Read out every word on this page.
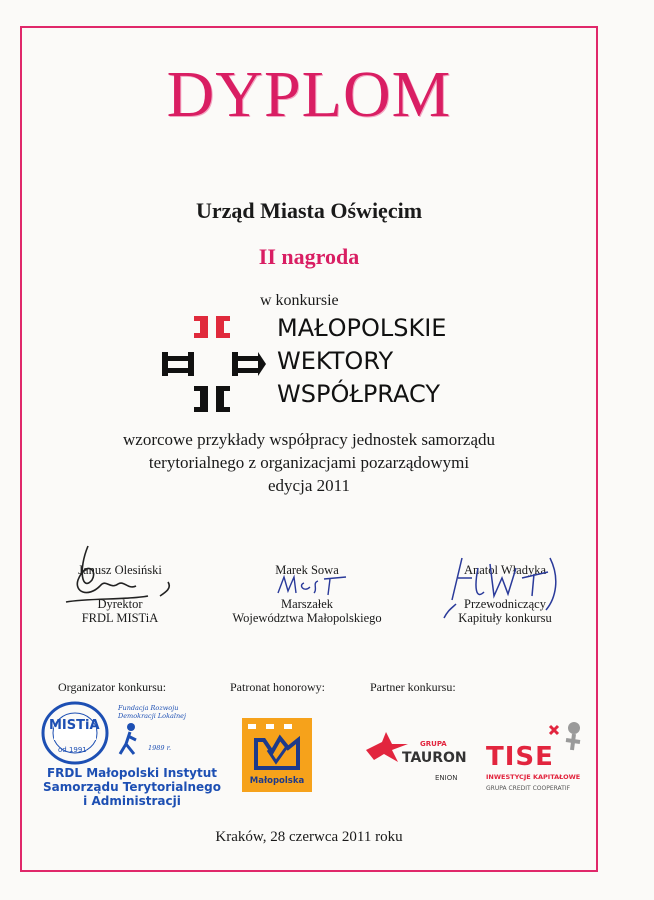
DYPLOM
Urząd Miasta Oświęcim
II nagroda
w konkursie
MAŁOPOLSKIE
WEKTORY
WSPÓŁPRACY
wzorcowe przykłady współpracy jednostek samorządu
terytorialnego z organizacjami pozarządowymi
edycja 2011
Janusz Olesiński
Dyrektor
FRDL MISTiA
Marek Sowa
Marszałek
Województwa Małopolskiego
Anatol Władyka
Przewodniczący
Kapituły konkursu
Organizator konkursu:	Patronat honorowy:	Partner konkursu:
MISTiA
od 1991
Fundacja Rozwoju
Demokracji Lokalnej
1989 r.
FRDL Małopolski Instytut
Samorządu Terytorialnego
i Administracji
Małopolska
GRUPA
TAURON
ENION
TISE
INWESTYCJE KAPITAŁOWE
GRUPA CREDIT COOPERATIF
Kraków, 28 czerwca 2011 roku
